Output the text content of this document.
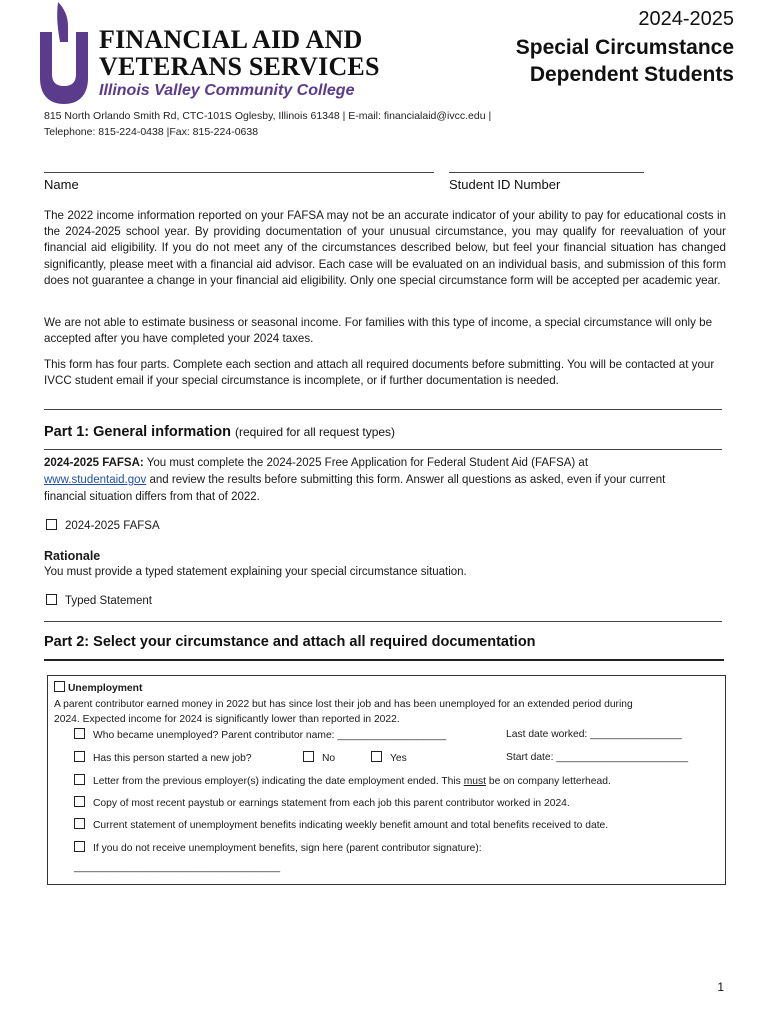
FINANCIAL AID AND
VETERANS SERVICES
Illinois Valley Community College
2024-2025
Special Circumstance
Dependent Students
815 North Orlando Smith Rd, CTC-101S Oglesby, Illinois 61348 | E-mail: financialaid@ivcc.edu |
Telephone: 815-224-0438 |Fax: 815-224-0638
Name	Student ID Number
The 2022 income information reported on your FAFSA may not be an accurate indicator of your ability to pay for educational costs in the 2024-2025 school year. By providing documentation of your unusual circumstance, you may qualify for reevaluation of your financial aid eligibility. If you do not meet any of the circumstances described below, but feel your financial situation has changed significantly, please meet with a financial aid advisor. Each case will be evaluated on an individual basis, and submission of this form does not guarantee a change in your financial aid eligibility. Only one special circumstance form will be accepted per academic year.
We are not able to estimate business or seasonal income. For families with this type of income, a special circumstance will only be accepted after you have completed your 2024 taxes.
This form has four parts. Complete each section and attach all required documents before submitting. You will be contacted at your IVCC student email if your special circumstance is incomplete, or if further documentation is needed.
Part 1: General information (required for all request types)
2024-2025 FAFSA: You must complete the 2024-2025 Free Application for Federal Student Aid (FAFSA) at
www.studentaid.gov and review the results before submitting this form. Answer all questions as asked, even if your current
financial situation differs from that of 2022.
2024-2025 FAFSA
Rationale
You must provide a typed statement explaining your special circumstance situation.
Typed Statement
Part 2: Select your circumstance and attach all required documentation
Unemployment
A parent contributor earned money in 2022 but has since lost their job and has been unemployed for an extended period during
2024. Expected income for 2024 is significantly lower than reported in 2022.
Who became unemployed? Parent contributor name: ___________________	Last date worked: ________________
Has this person started a new job?	No	Yes	Start date: _______________________
Letter from the previous employer(s) indicating the date employment ended. This must be on company letterhead.
Copy of most recent paystub or earnings statement from each job this parent contributor worked in 2024.
Current statement of unemployment benefits indicating weekly benefit amount and total benefits received to date.
If you do not receive unemployment benefits, sign here (parent contributor signature):
____________________________________
1
